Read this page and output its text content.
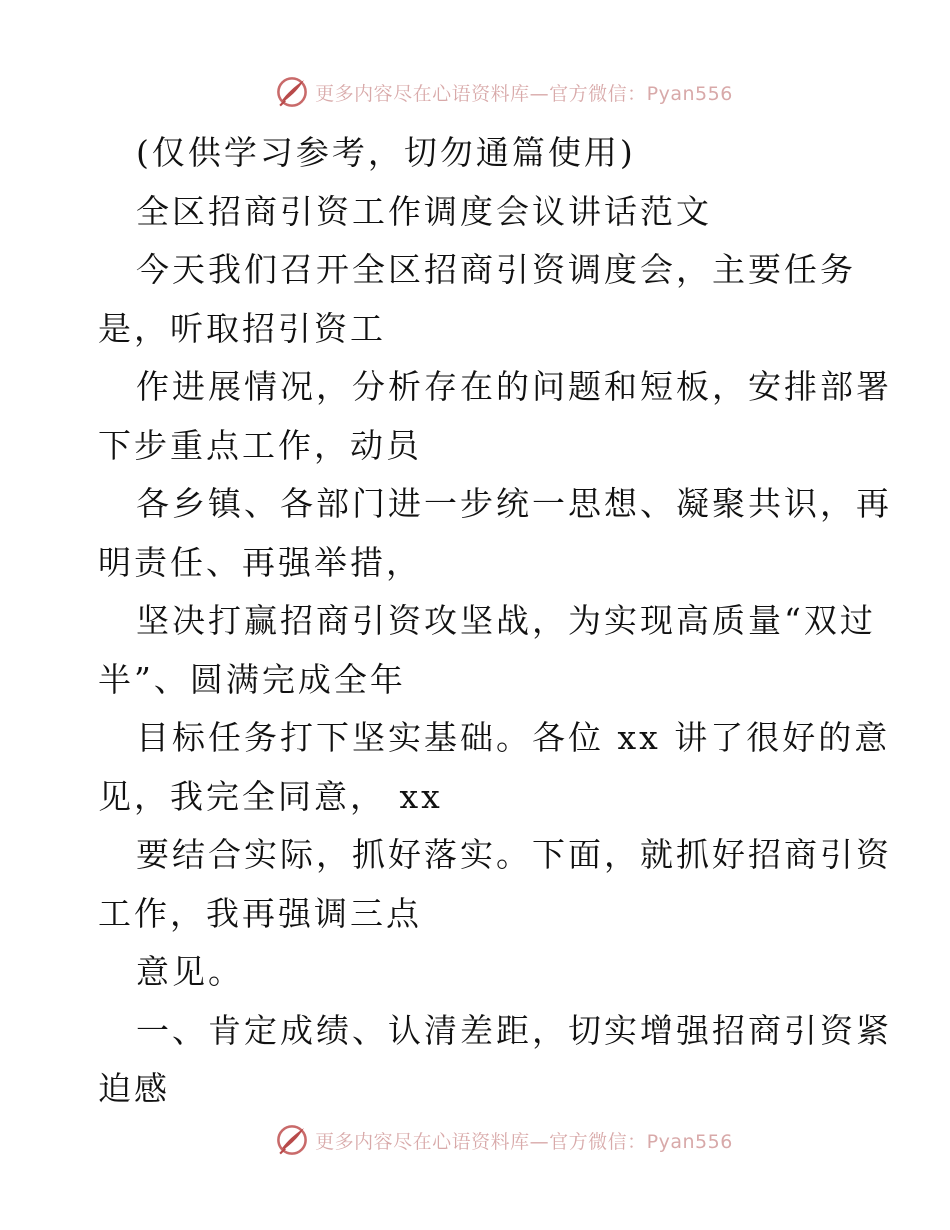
更多内容尽在心语资料库—官方微信：Pyan556
(仅供学习参考，切勿通篇使用)
全区招商引资工作调度会议讲话范文
今天我们召开全区招商引资调度会，主要任务
是，听取招引资工
作进展情况，分析存在的问题和短板，安排部署
下步重点工作，动员
各乡镇、各部门进一步统一思想、凝聚共识，再
明责任、再强举措，
坚决打赢招商引资攻坚战，为实现高质量“双过
半”、圆满完成全年
目标任务打下坚实基础。各位 xx 讲了很好的意
见，我完全同意， xx
要结合实际，抓好落实。下面，就抓好招商引资
工作，我再强调三点
意见。
一、肯定成绩、认清差距，切实增强招商引资紧
迫感
更多内容尽在心语资料库—官方微信：Pyan556
